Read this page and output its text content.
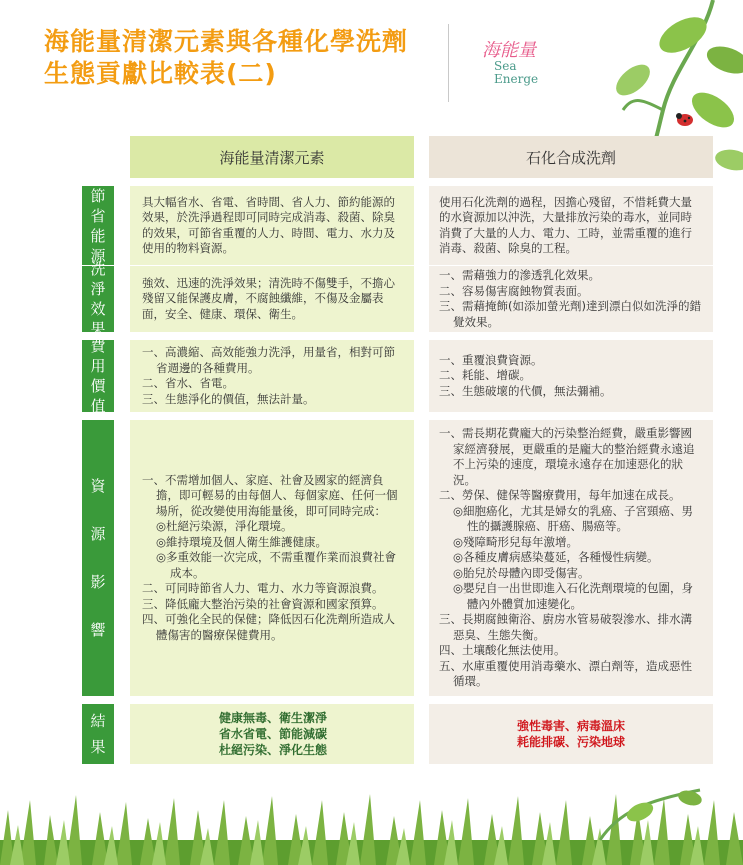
海能量清潔元素與各種化學洗劑
生態貢獻比較表(二)
海能量
Sea
Energe
海能量清潔元素	石化合成洗劑
節省能源
具大幅省水、省電、省時間、省人力、節約能源的效果，於洗淨過程即可同時完成消毒、殺菌、除臭的效果，可節省重覆的人力、時間、電力、水力及使用的物料資源。
使用石化洗劑的過程，因擔心殘留，不惜耗費大量的水資源加以沖洗，大量排放污染的毒水，並同時消費了大量的人力、電力、工時，並需重覆的進行消毒、殺菌、除臭的工程。
洗淨效果
強效、迅速的洗淨效果；清洗時不傷雙手，不擔心殘留又能保護皮膚，不腐蝕纖維，不傷及金屬表面，安全、健康、環保、衛生。
一、需藉強力的滲透乳化效果。
二、容易傷害腐蝕物質表面。
三、需藉掩飾(如添加螢光劑)達到漂白似如洗淨的錯覺效果。
費用價值
一、高濃縮、高效能強力洗淨，用量省，相對可節省週邊的各種費用。
二、省水、省電。
三、生態淨化的價值，無法計量。
一、重覆浪費資源。
二、耗能、增碳。
三、生態破壞的代價，無法彌補。
資源影響
一、不需增加個人、家庭、社會及國家的經濟負擔，即可輕易的由每個人、每個家庭、任何一個場所，從改變使用海能量後，即可同時完成：
◎杜絕污染源，淨化環境。
◎維持環境及個人衛生維護健康。
◎多重效能一次完成，不需重覆作業而浪費社會成本。
二、可同時節省人力、電力、水力等資源浪費。
三、降低龐大整治污染的社會資源和國家預算。
四、可強化全民的保健；降低因石化洗劑所造成人體傷害的醫療保健費用。
一、需長期花費龐大的污染整治經費，嚴重影響國家經濟發展，更嚴重的是龐大的整治經費永遠追不上污染的速度，環境永遠存在加速惡化的狀況。
二、勞保、健保等醫療費用，每年加速在成長。
◎細胞癌化，尤其是婦女的乳癌、子宮頸癌、男性的攝護腺癌、肝癌、腸癌等。
◎殘障畸形兒每年激增。
◎各種皮膚病感染蔓延，各種慢性病變。
◎胎兒於母體內即受傷害。
◎嬰兒自一出世即進入石化洗劑環境的包圍，身體內外體質加速變化。
三、長期腐蝕衛浴、廚房水管易破裂滲水、排水溝惡臭、生態失衡。
四、土壤酸化無法使用。
五、水庫重覆使用消毒藥水、漂白劑等，造成惡性循環。
結果
健康無毒、衛生潔淨
省水省電、節能減碳
杜絕污染、淨化生態
強性毒害、病毒溫床
耗能排碳、污染地球
